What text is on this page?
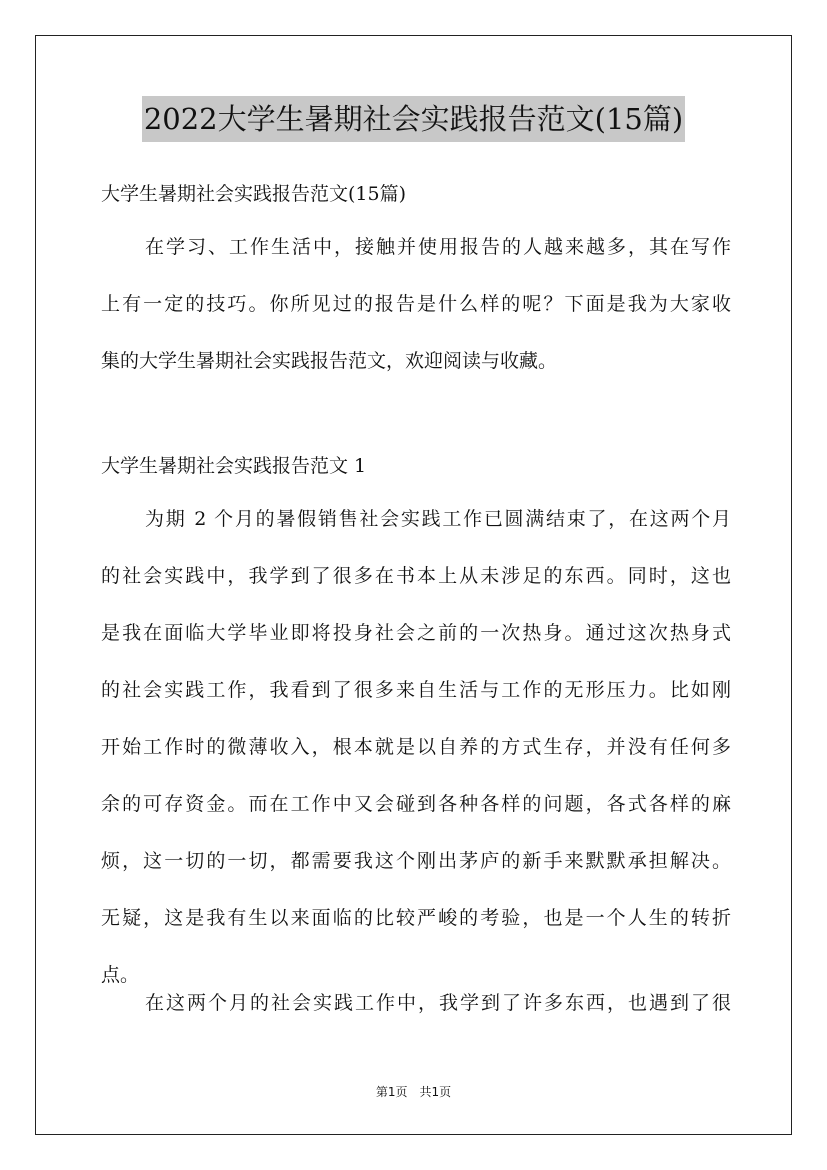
2022大学生暑期社会实践报告范文(15篇)
大学生暑期社会实践报告范文(15篇)
在学习、工作生活中，接触并使用报告的人越来越多，其在写作
上有一定的技巧。你所见过的报告是什么样的呢？下面是我为大家收
集的大学生暑期社会实践报告范文，欢迎阅读与收藏。
大学生暑期社会实践报告范文 1
为期 2 个月的暑假销售社会实践工作已圆满结束了，在这两个月
的社会实践中，我学到了很多在书本上从未涉足的东西。同时，这也
是我在面临大学毕业即将投身社会之前的一次热身。通过这次热身式
的社会实践工作，我看到了很多来自生活与工作的无形压力。比如刚
开始工作时的微薄收入，根本就是以自养的方式生存，并没有任何多
余的可存资金。而在工作中又会碰到各种各样的问题，各式各样的麻
烦，这一切的一切，都需要我这个刚出茅庐的新手来默默承担解决。
无疑，这是我有生以来面临的比较严峻的考验，也是一个人生的转折
点。
在这两个月的社会实践工作中，我学到了许多东西，也遇到了很
第1页　共1页
